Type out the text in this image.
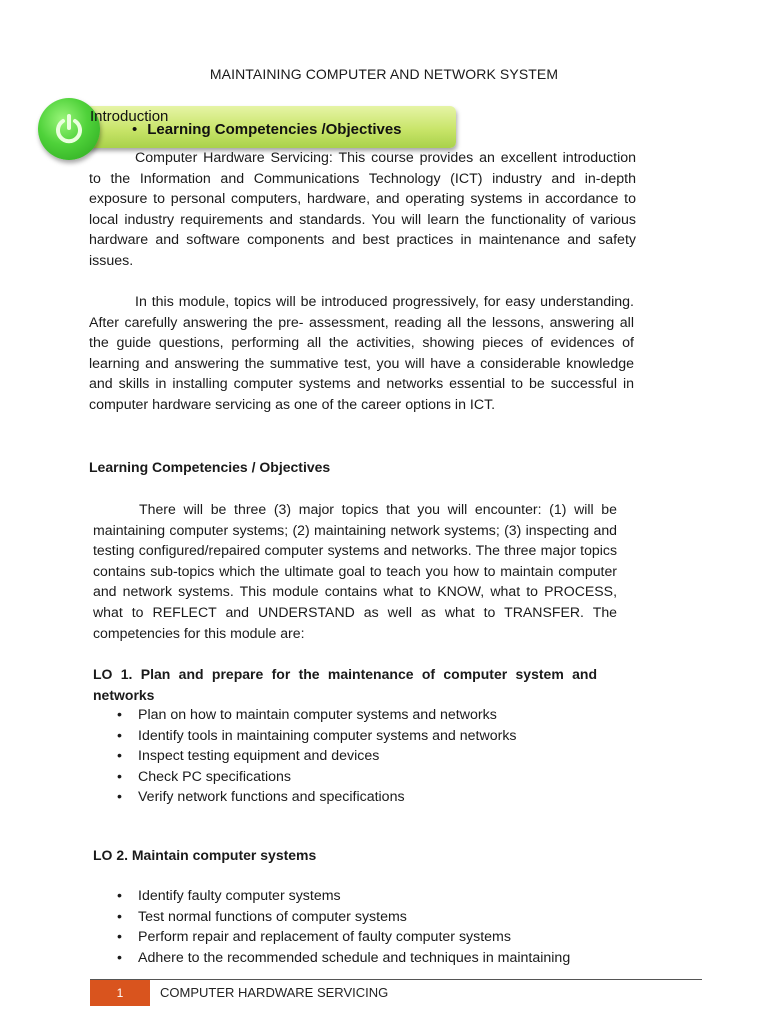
MAINTAINING COMPUTER AND NETWORK SYSTEM
Introduction
• Learning Competencies /Objectives

Computer Hardware Servicing: This course provides an excellent introduction to the Information and Communications Technology (ICT) industry and in-depth exposure to personal computers, hardware, and operating systems in accordance to local industry requirements and standards. You will learn the functionality of various hardware and software components and best practices in maintenance and safety issues.

In this module, topics will be introduced progressively, for easy understanding. After carefully answering the pre- assessment, reading all the lessons, answering all the guide questions, performing all the activities, showing pieces of evidences of learning and answering the summative test, you will have a considerable knowledge and skills in installing computer systems and networks essential to be successful in computer hardware servicing as one of the career options in ICT.

Learning Competencies / Objectives

There will be three (3) major topics that you will encounter: (1) will be maintaining computer systems; (2) maintaining network systems; (3) inspecting and testing configured/repaired computer systems and networks. The three major topics contains sub-topics which the ultimate goal to teach you how to maintain computer and network systems. This module contains what to KNOW, what to PROCESS, what to REFLECT and UNDERSTAND as well as what to TRANSFER. The competencies for this module are:

LO 1. Plan and prepare for the maintenance of computer system and networks

• Plan on how to maintain computer systems and networks
• Identify tools in maintaining computer systems and networks
• Inspect testing equipment and devices
• Check PC specifications
• Verify network functions and specifications
LO 2. Maintain computer systems
• Identify faulty computer systems
• Test normal functions of computer systems
• Perform repair and replacement of faulty computer systems
• Adhere to the recommended schedule and techniques in maintaining
1	COMPUTER HARDWARE SERVICING
